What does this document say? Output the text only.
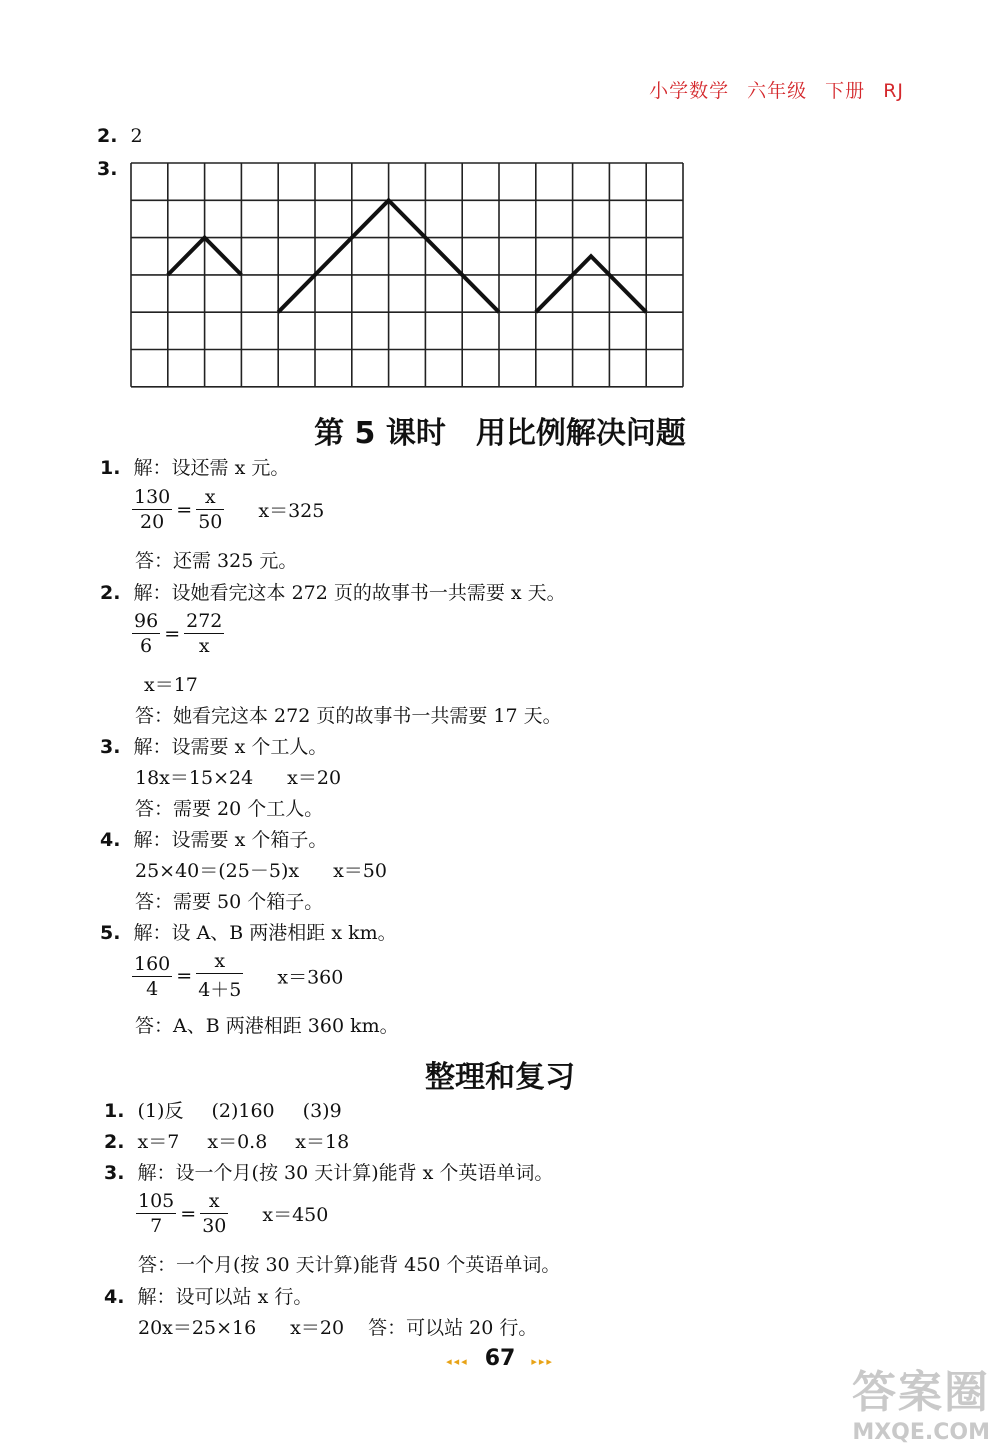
小学数学 六年级 下册 RJ
2. 2
3.
第 5 课时 用比例解决问题
1. 解：设还需 x 元。
$\frac{130}{20} = \frac{x}{50} x=325$
答：还需 325 元。
2. 解：设她看完这本 272 页的故事书一共需要 x 天。
$\frac{96}{6} = \frac{272}{x}$
x＝17
答：她看完这本 272 页的故事书一共需要 17 天。
3. 解：设需要 x 个工人。
18x＝15×24 x＝20
答：需要 20 个工人。
4. 解：设需要 x 个箱子。
25×40＝(25－5)x x＝50
答：需要 50 个箱子。
5. 解：设 A、B 两港相距 x km。
$\frac{160}{4} = \frac{x}{4+5} x=360$
答：A、B 两港相距 360 km。
整理和复习
1. (1)反 (2)160 (3)9
2. x＝7 x＝0.8 x＝18
3. 解：设一个月(按 30 天计算)能背 x 个英语单词。
$\frac{105}{7} = \frac{x}{30} x=450$
答：一个月(按 30 天计算)能背 450 个英语单词。
4. 解：设可以站 x 行。
20x＝25×16 x＝20 答：可以站 20 行。
◂◂◂ 67 ▸▸▸
答案圈
MXQE.COM
